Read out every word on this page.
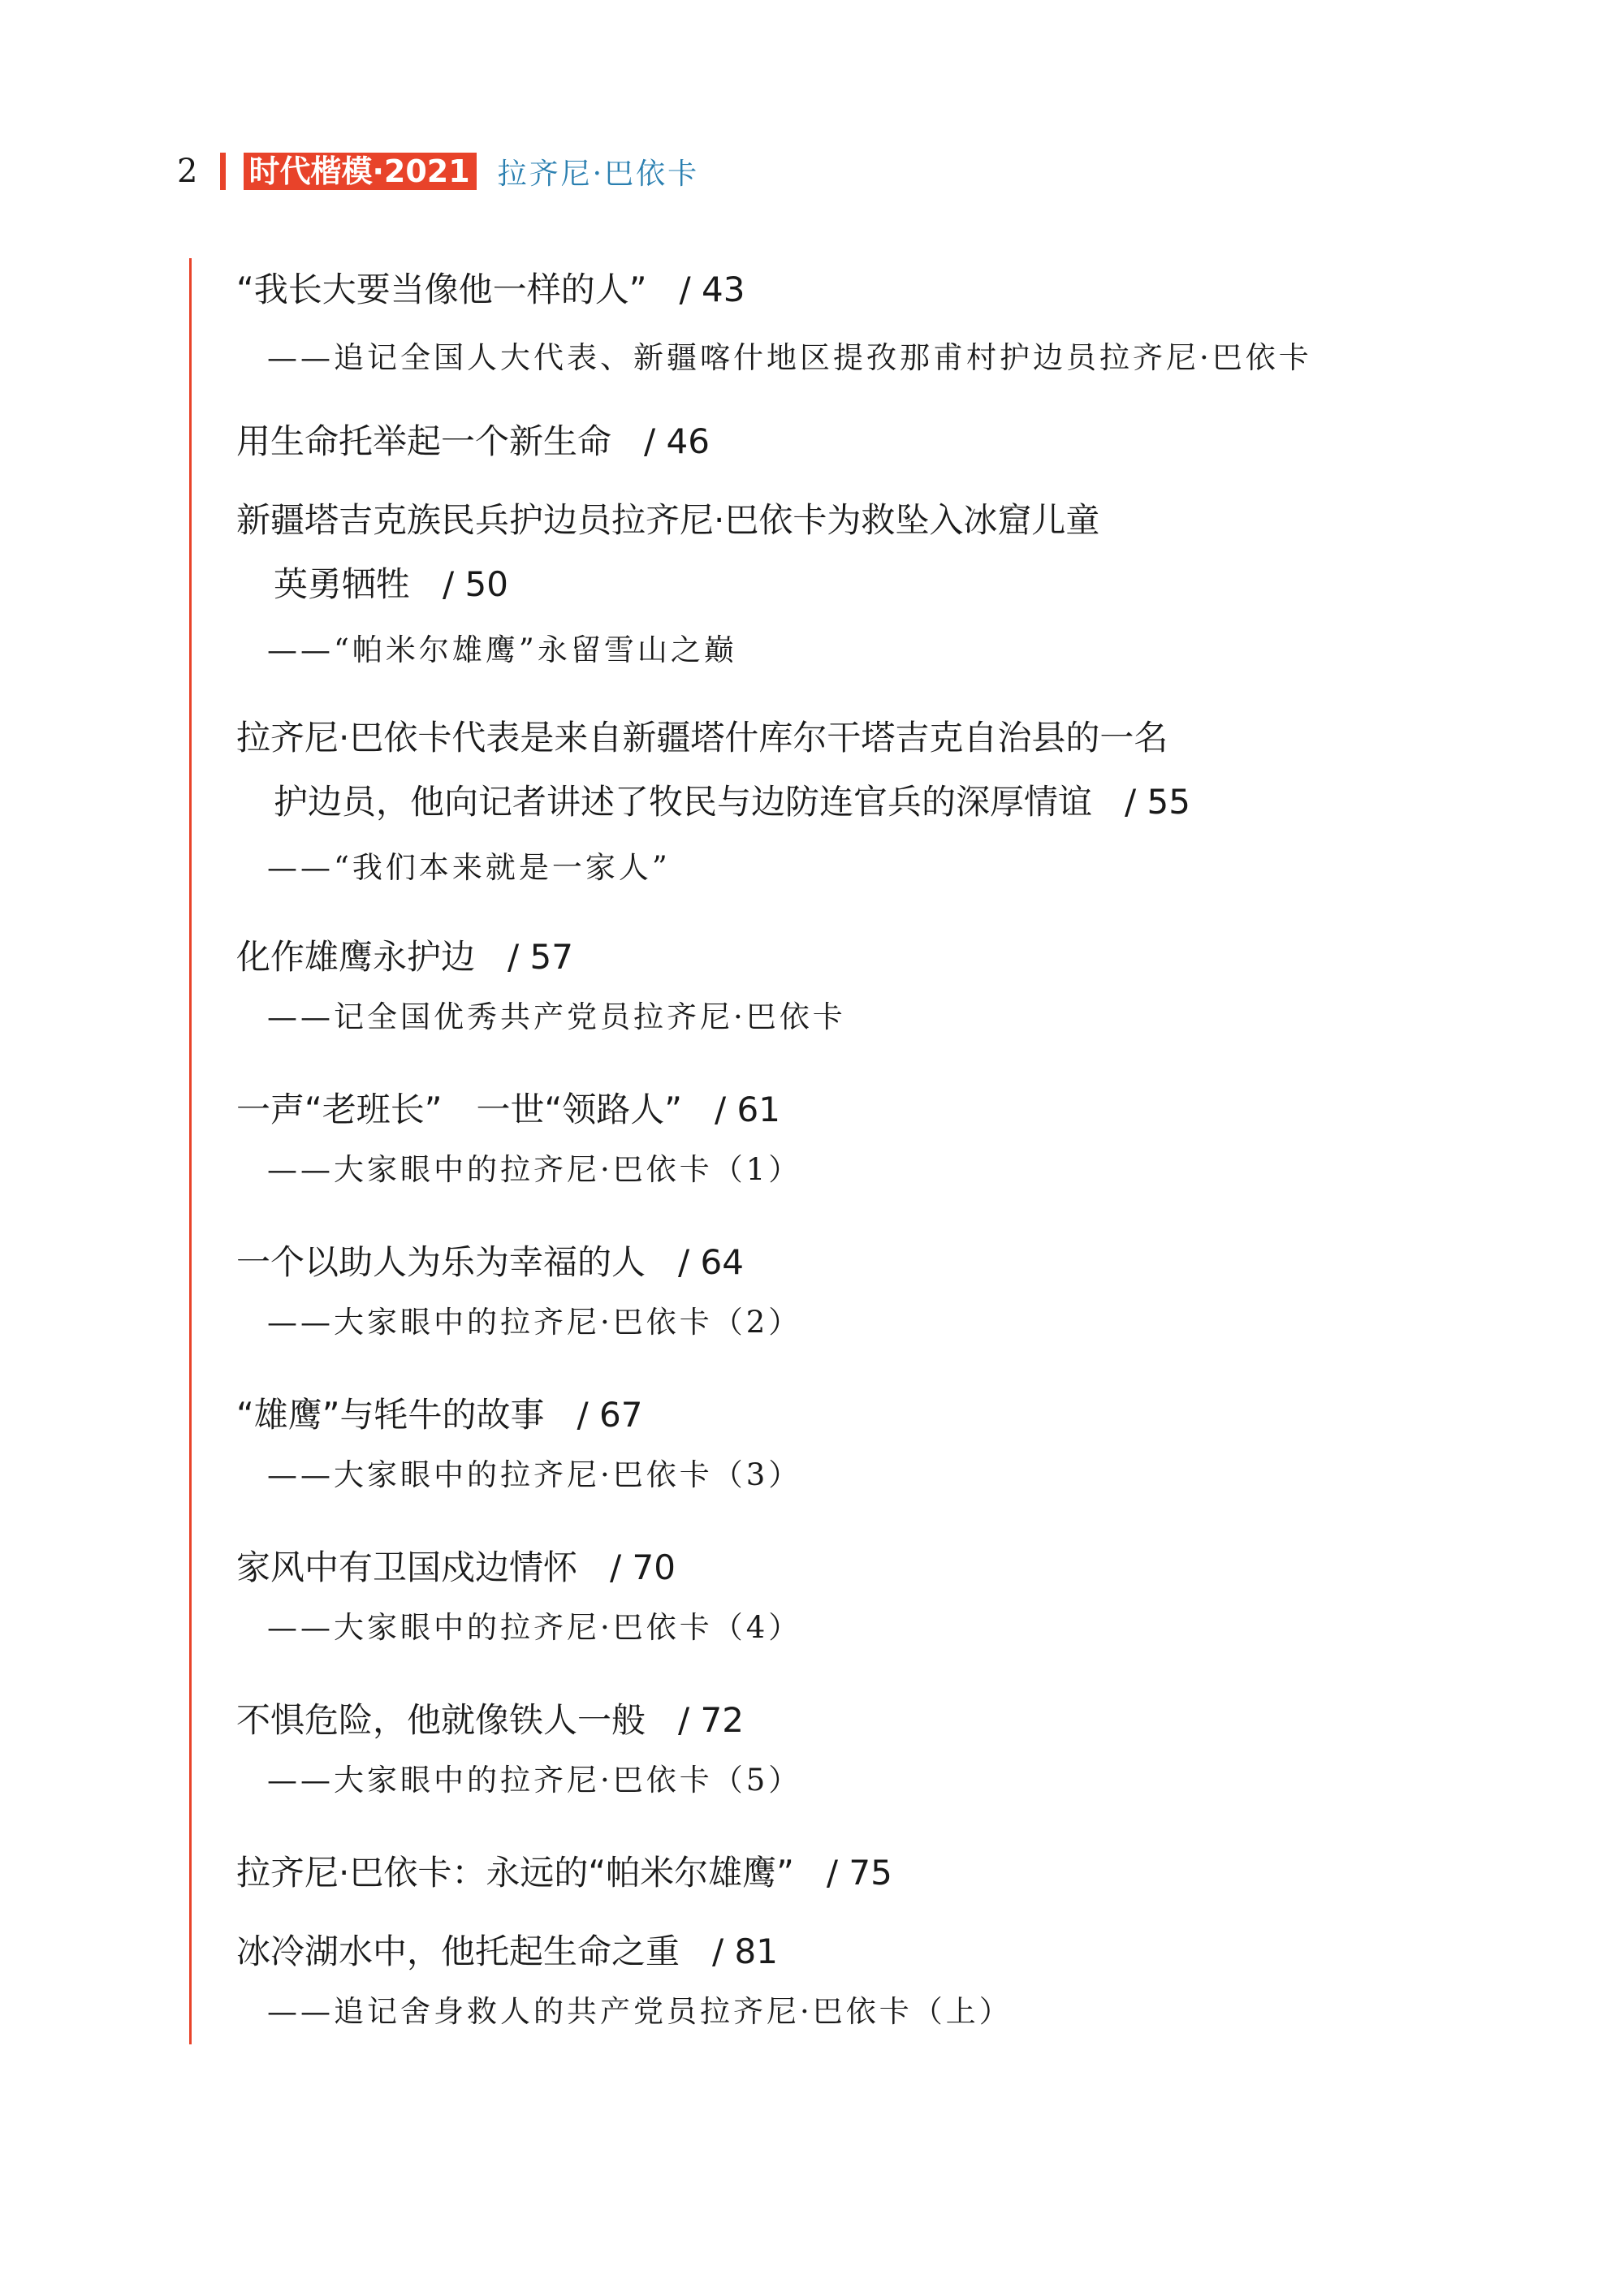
2 时代楷模·2021 拉齐尼·巴依卡
“我长大要当像他一样的人” / 43
——追记全国人大代表、新疆喀什地区提孜那甫村护边员拉齐尼·巴依卡
用生命托举起一个新生命 / 46
新疆塔吉克族民兵护边员拉齐尼·巴依卡为救坠入冰窟儿童
英勇牺牲 / 50
——“帕米尔雄鹰”永留雪山之巅
拉齐尼·巴依卡代表是来自新疆塔什库尔干塔吉克自治县的一名
护边员，他向记者讲述了牧民与边防连官兵的深厚情谊 / 55
——“我们本来就是一家人”
化作雄鹰永护边 / 57
——记全国优秀共产党员拉齐尼·巴依卡
一声“老班长”　一世“领路人” / 61
——大家眼中的拉齐尼·巴依卡（1）
一个以助人为乐为幸福的人 / 64
——大家眼中的拉齐尼·巴依卡（2）
“雄鹰”与牦牛的故事 / 67
——大家眼中的拉齐尼·巴依卡（3）
家风中有卫国戍边情怀 / 70
——大家眼中的拉齐尼·巴依卡（4）
不惧危险，他就像铁人一般 / 72
——大家眼中的拉齐尼·巴依卡（5）
拉齐尼·巴依卡：永远的“帕米尔雄鹰” / 75
冰冷湖水中，他托起生命之重 / 81
——追记舍身救人的共产党员拉齐尼·巴依卡（上）
